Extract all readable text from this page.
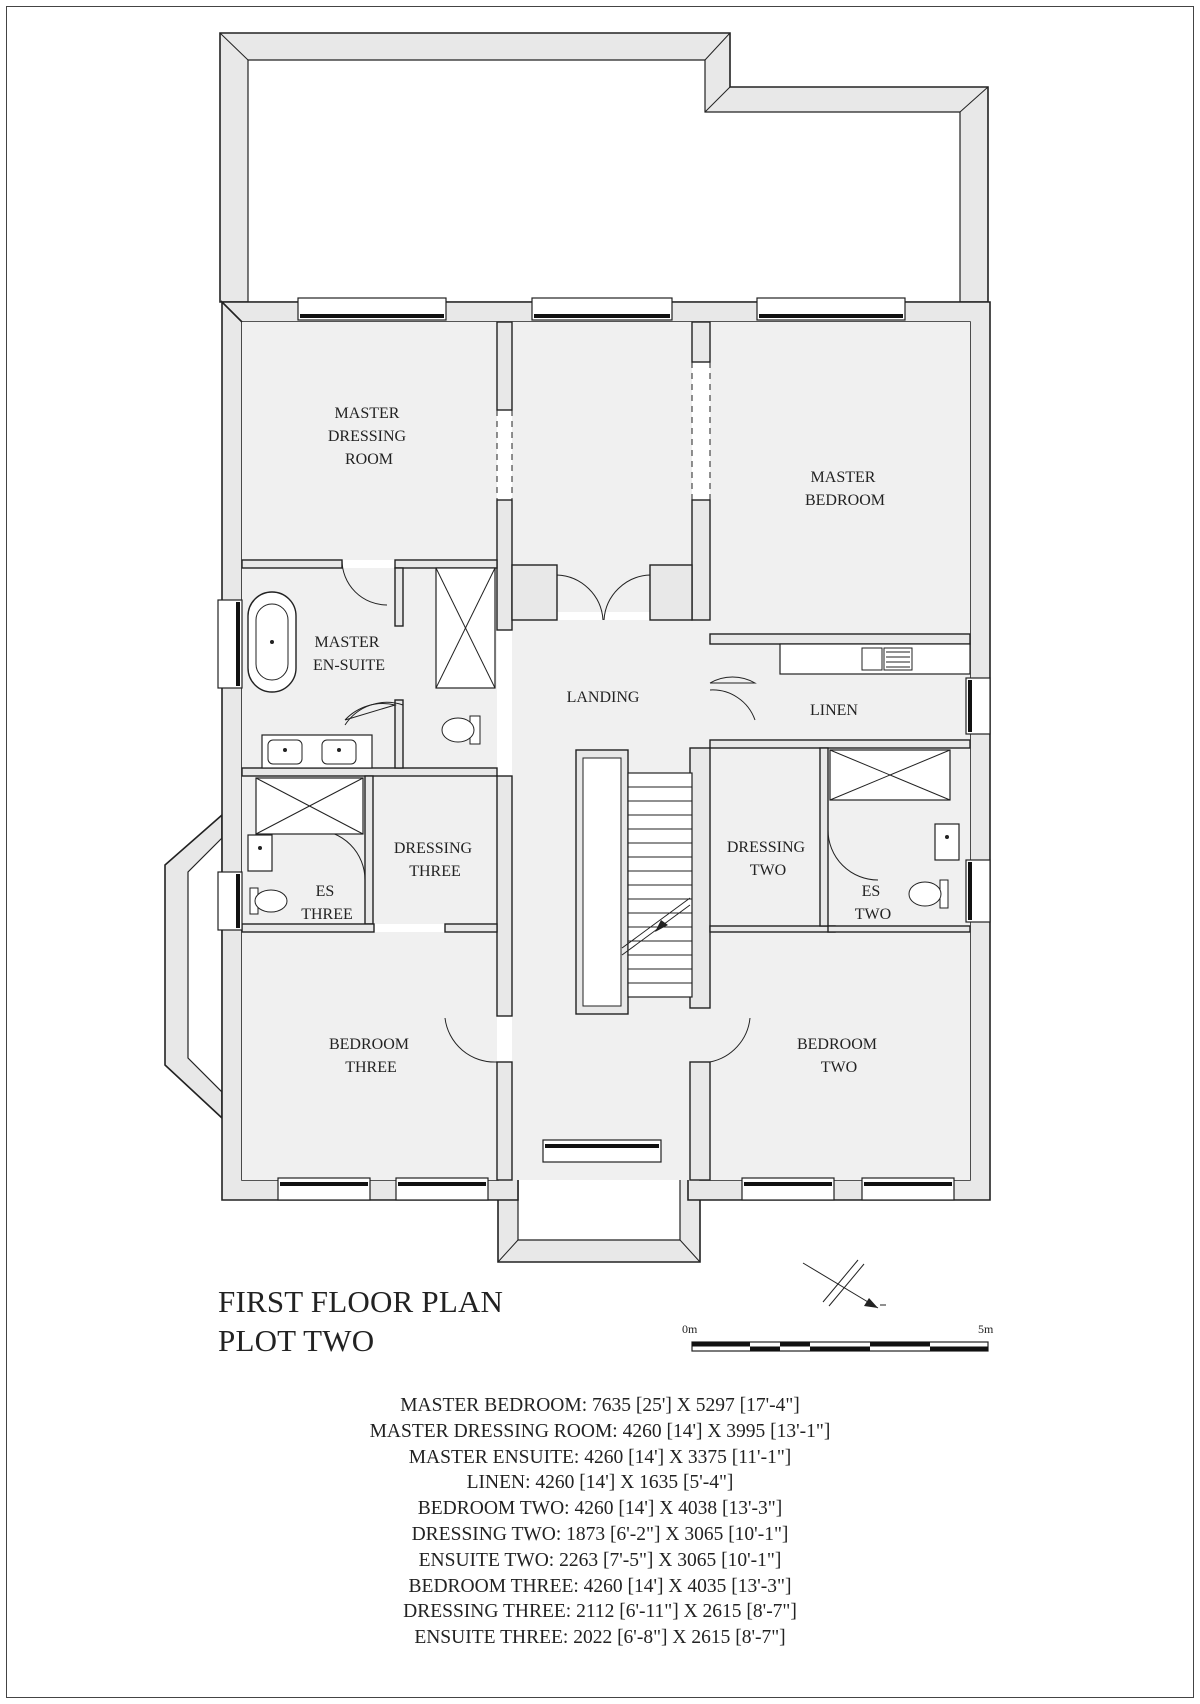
MASTER DRESSING ROOM
MASTER BEDROOM
MASTER EN-SUITE
LANDING
LINEN
DRESSING THREE
ES THREE
DRESSING TWO
ES TWO
BEDROOM THREE
BEDROOM TWO
0m	5m
FIRST FLOOR PLAN
PLOT TWO
MASTER BEDROOM: 7635 [25'] X 5297 [17'-4"]
MASTER DRESSING ROOM: 4260 [14'] X 3995 [13'-1"]
MASTER ENSUITE: 4260 [14'] X 3375 [11'-1"]
LINEN: 4260 [14'] X 1635 [5'-4"]
BEDROOM TWO: 4260 [14'] X 4038 [13'-3"]
DRESSING TWO: 1873 [6'-2"] X 3065 [10'-1"]
ENSUITE TWO: 2263 [7'-5"] X 3065 [10'-1"]
BEDROOM THREE: 4260 [14'] X 4035 [13'-3"]
DRESSING THREE: 2112 [6'-11"] X 2615 [8'-7"]
ENSUITE THREE: 2022 [6'-8"] X 2615 [8'-7"]
